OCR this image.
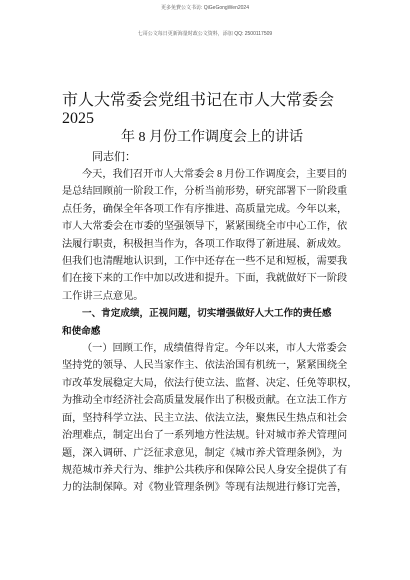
更多免費公文书访: QiGeGongWen2024
七哥公文每日更新海量时政公文资料，添加 QQ: 2500117509
市人大常委会党组书记在市人大常委会2025
年 8 月份工作调度会上的讲话
同志们：
今天，我们召开市人大常委会 8 月份工作调度会，主要目的
是总结回顾前一阶段工作，分析当前形势，研究部署下一阶段重
点任务，确保全年各项工作有序推进、高质量完成。今年以来，
市人大常委会在市委的坚强领导下，紧紧围绕全市中心工作，依
法履行职责，积极担当作为，各项工作取得了新进展、新成效。
但我们也清醒地认识到，工作中还存在一些不足和短板，需要我
们在接下来的工作中加以改进和提升。下面，我就做好下一阶段
工作讲三点意见。
一、肯定成绩，正视问题，切实增强做好人大工作的责任感
和使命感
（一）回顾工作，成绩值得肯定。今年以来，市人大常委会
坚持党的领导、人民当家作主、依法治国有机统一，紧紧围绕全
市改革发展稳定大局，依法行使立法、监督、决定、任免等职权，
为推动全市经济社会高质量发展作出了积极贡献。在立法工作方
面，坚持科学立法、民主立法、依法立法，聚焦民生热点和社会
治理难点，制定出台了一系列地方性法规。针对城市养犬管理问
题，深入调研、广泛征求意见，制定《城市养犬管理条例》，为
规范城市养犬行为、维护公共秩序和保障公民人身安全提供了有
力的法制保障。对《物业管理条例》等现有法规进行修订完善，
